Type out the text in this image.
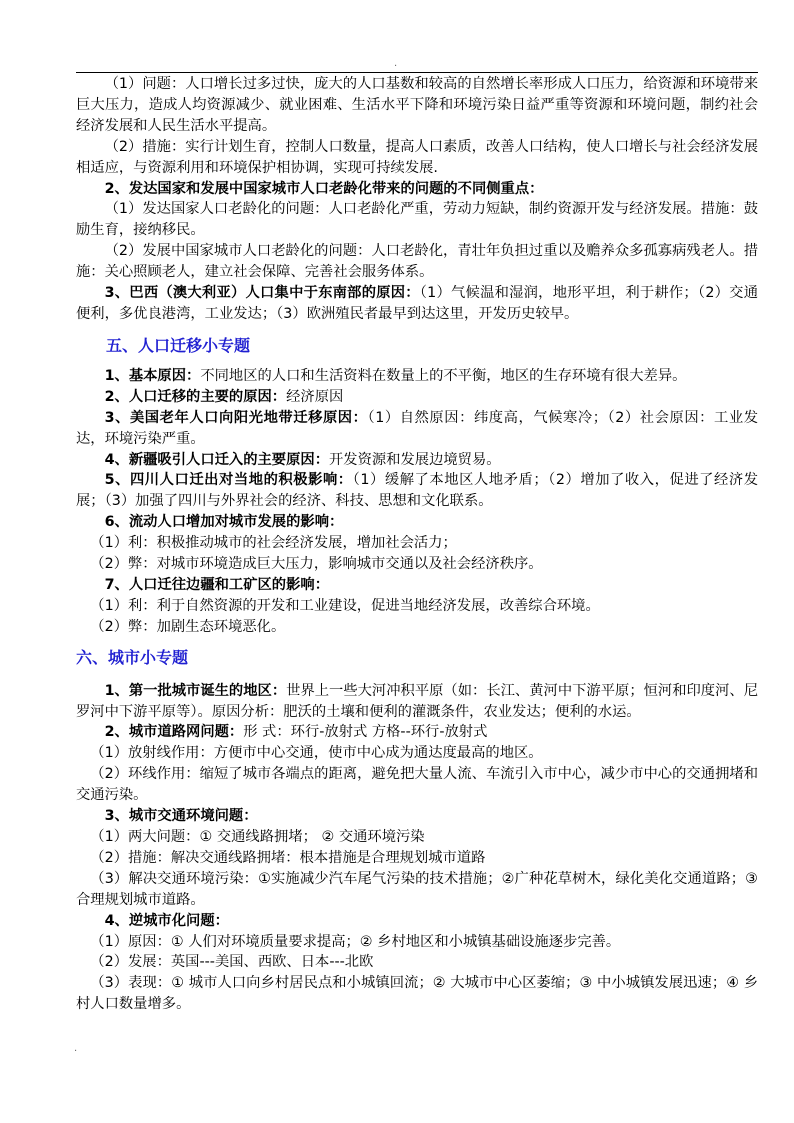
.

（1）问题：人口增长过多过快，庞大的人口基数和较高的自然增长率形成人口压力，给资源和环境带来巨大压力，造成人均资源减少、就业困难、生活水平下降和环境污染日益严重等资源和环境问题，制约社会经济发展和人民生活水平提高。

（2）措施：实行计划生育，控制人口数量，提高人口素质，改善人口结构，使人口增长与社会经济发展相适应，与资源利用和环境保护相协调，实现可持续发展.

2、发达国家和发展中国家城市人口老龄化带来的问题的不同侧重点：

（1）发达国家人口老龄化的问题：人口老龄化严重，劳动力短缺，制约资源开发与经济发展。措施：鼓励生育，接纳移民。

（2）发展中国家城市人口老龄化的问题：人口老龄化，青壮年负担过重以及赡养众多孤寡病残老人。措施：关心照顾老人，建立社会保障、完善社会服务体系。

3、巴西（澳大利亚）人口集中于东南部的原因：（1）气候温和湿润，地形平坦，利于耕作；（2）交通便利，多优良港湾，工业发达；（3）欧洲殖民者最早到达这里，开发历史较早。

五、人口迁移小专题

1、基本原因：不同地区的人口和生活资料在数量上的不平衡，地区的生存环境有很大差异。

2、人口迁移的主要的原因：经济原因

3、美国老年人口向阳光地带迁移原因：（1）自然原因：纬度高，气候寒冷；（2）社会原因：工业发达，环境污染严重。

4、新疆吸引人口迁入的主要原因：开发资源和发展边境贸易。

5、四川人口迁出对当地的积极影响：（1）缓解了本地区人地矛盾；（2）增加了收入，促进了经济发展；（3）加强了四川与外界社会的经济、科技、思想和文化联系。

6、流动人口增加对城市发展的影响：

（1）利：积极推动城市的社会经济发展，增加社会活力；

（2）弊：对城市环境造成巨大压力，影响城市交通以及社会经济秩序。

7、人口迁往边疆和工矿区的影响：

（1）利：利于自然资源的开发和工业建设，促进当地经济发展，改善综合环境。

（2）弊：加剧生态环境恶化。

六、城市小专题

1、第一批城市诞生的地区：世界上一些大河冲积平原（如：长江、黄河中下游平原；恒河和印度河、尼罗河中下游平原等）。原因分析：肥沃的土壤和便利的灌溉条件，农业发达；便利的水运。

2、城市道路网问题：形 式：环行-放射式 方格--环行-放射式

（1）放射线作用：方便市中心交通，使市中心成为通达度最高的地区。

（2）环线作用：缩短了城市各端点的距离，避免把大量人流、车流引入市中心，减少市中心的交通拥堵和交通污染。

3、城市交通环境问题：

（1）两大问题：① 交通线路拥堵； ② 交通环境污染

（2）措施：解决交通线路拥堵：根本措施是合理规划城市道路

（3）解决交通环境污染：①实施减少汽车尾气污染的技术措施；②广种花草树木，绿化美化交通道路；③ 合理规划城市道路。

4、逆城市化问题：

（1）原因：① 人们对环境质量要求提高；② 乡村地区和小城镇基础设施逐步完善。

（2）发展：英国---美国、西欧、日本---北欧

（3）表现：① 城市人口向乡村居民点和小城镇回流；② 大城市中心区萎缩；③ 中小城镇发展迅速；④ 乡村人口数量增多。

.
